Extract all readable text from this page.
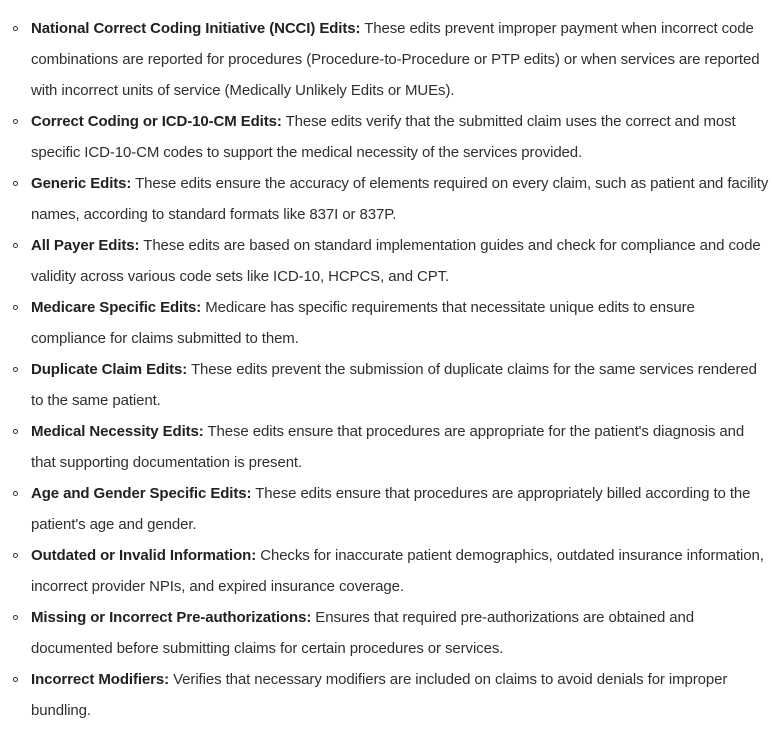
National Correct Coding Initiative (NCCI) Edits: These edits prevent improper payment when incorrect code combinations are reported for procedures (Procedure-to-Procedure or PTP edits) or when services are reported with incorrect units of service (Medically Unlikely Edits or MUEs).
Correct Coding or ICD-10-CM Edits: These edits verify that the submitted claim uses the correct and most specific ICD-10-CM codes to support the medical necessity of the services provided.
Generic Edits: These edits ensure the accuracy of elements required on every claim, such as patient and facility names, according to standard formats like 837I or 837P.
All Payer Edits: These edits are based on standard implementation guides and check for compliance and code validity across various code sets like ICD-10, HCPCS, and CPT.
Medicare Specific Edits: Medicare has specific requirements that necessitate unique edits to ensure compliance for claims submitted to them.
Duplicate Claim Edits: These edits prevent the submission of duplicate claims for the same services rendered to the same patient.
Medical Necessity Edits: These edits ensure that procedures are appropriate for the patient's diagnosis and that supporting documentation is present.
Age and Gender Specific Edits: These edits ensure that procedures are appropriately billed according to the patient's age and gender.
Outdated or Invalid Information: Checks for inaccurate patient demographics, outdated insurance information, incorrect provider NPIs, and expired insurance coverage.
Missing or Incorrect Pre-authorizations: Ensures that required pre-authorizations are obtained and documented before submitting claims for certain procedures or services.
Incorrect Modifiers: Verifies that necessary modifiers are included on claims to avoid denials for improper bundling.
